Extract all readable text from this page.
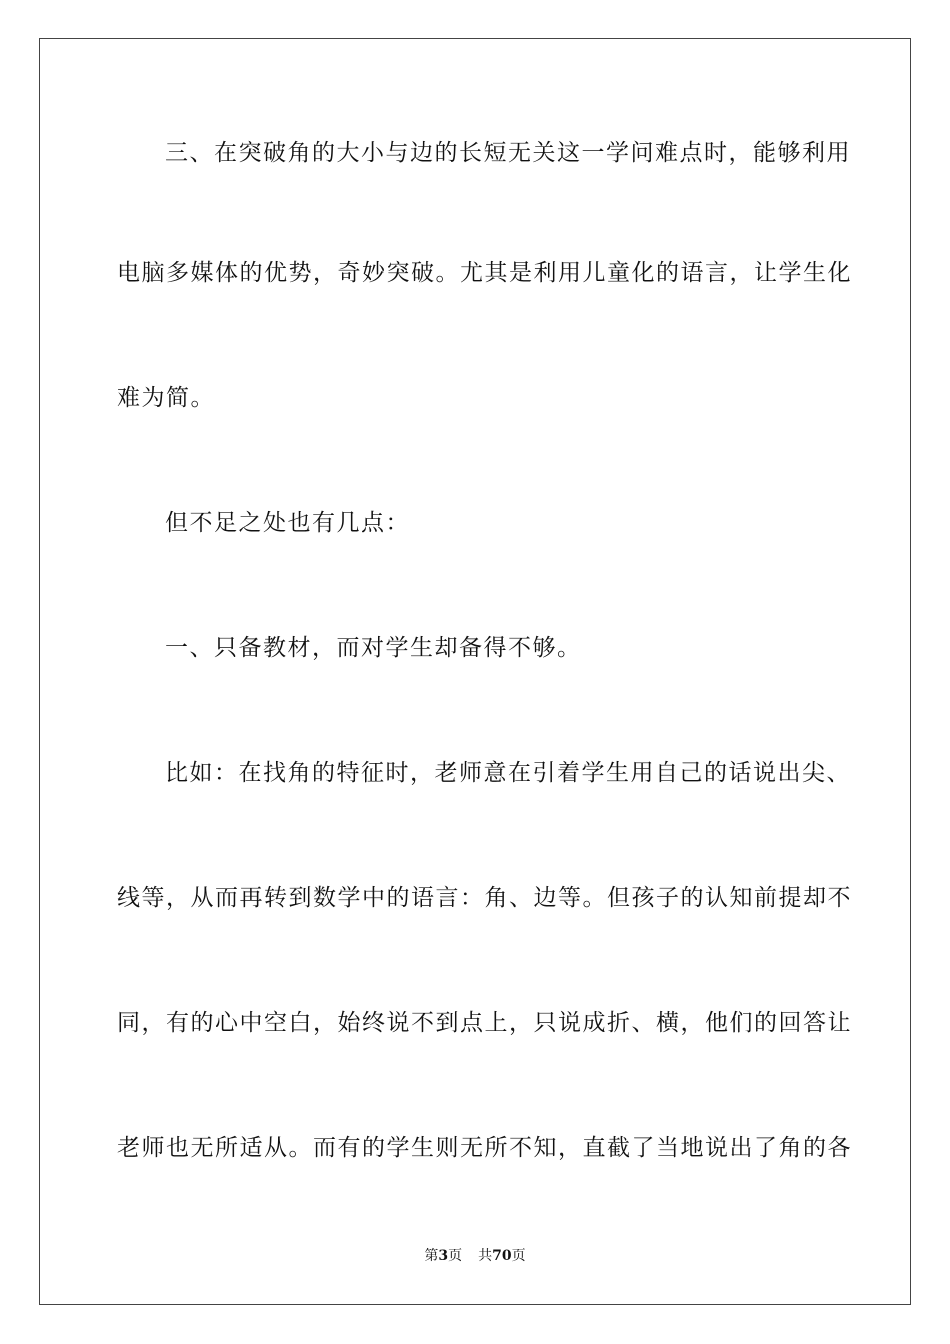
三、在突破角的大小与边的长短无关这一学问难点时，能够利用
电脑多媒体的优势，奇妙突破。尤其是利用儿童化的语言，让学生化
难为简。
但不足之处也有几点：
一、只备教材，而对学生却备得不够。
比如：在找角的特征时，老师意在引着学生用自己的话说出尖、
线等，从而再转到数学中的语言：角、边等。但孩子的认知前提却不
同，有的心中空白，始终说不到点上，只说成折、横，他们的回答让
老师也无所适从。而有的学生则无所不知，直截了当地说出了角的各
第3页 共70页
